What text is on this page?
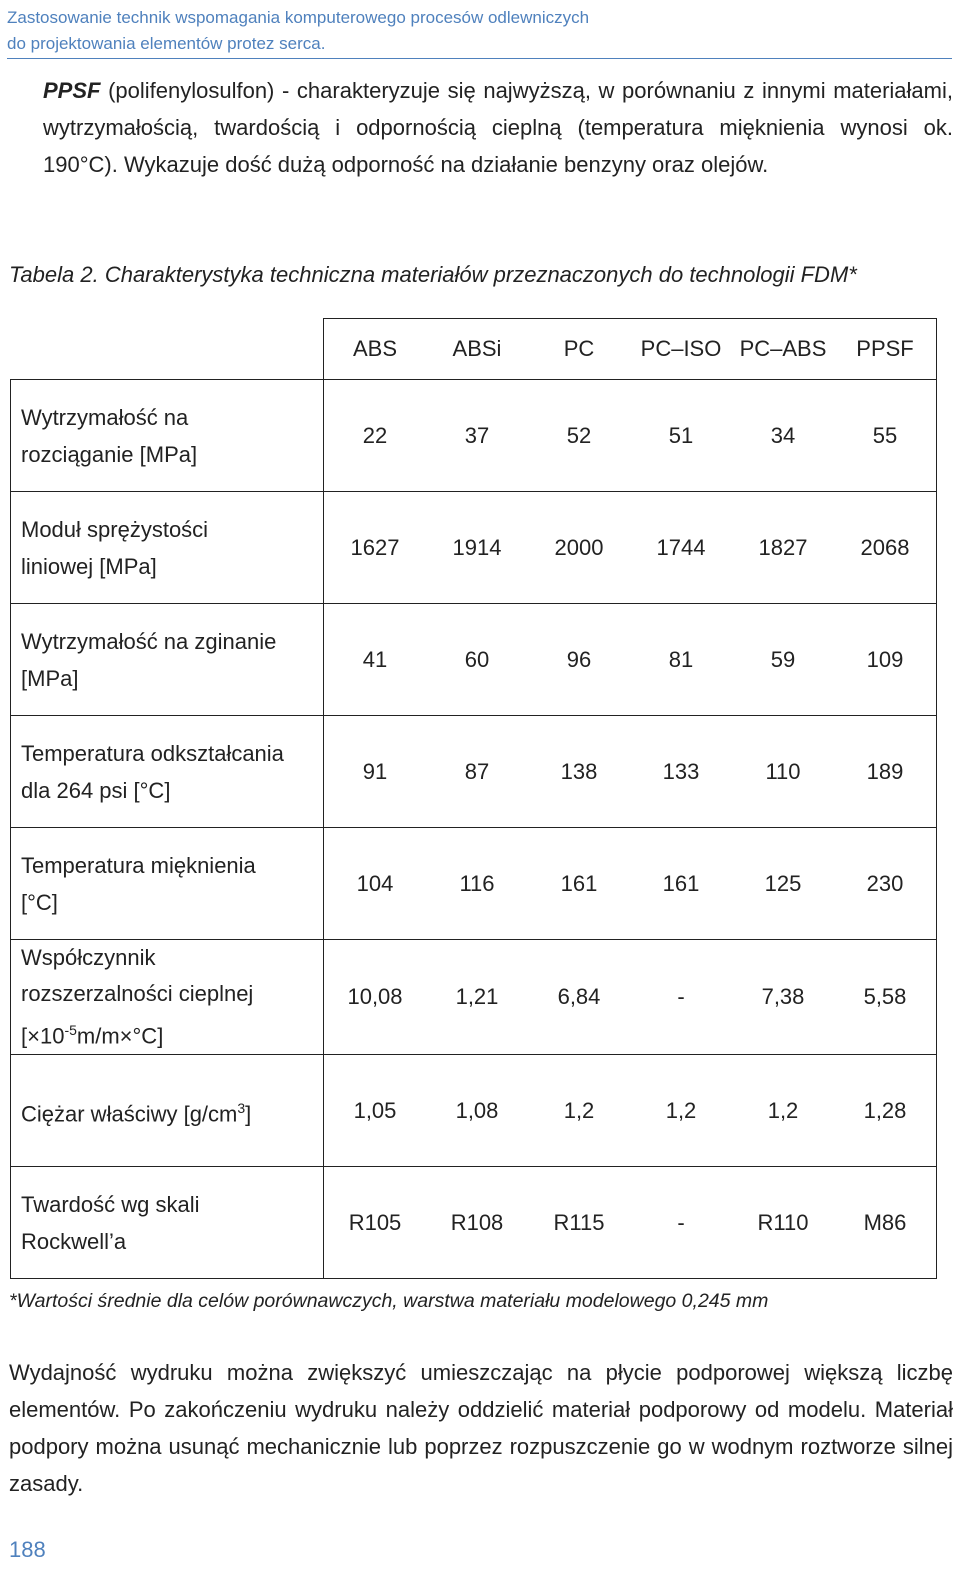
Zastosowanie technik wspomagania komputerowego procesów odlewniczych
do projektowania elementów protez serca.
PPSF (polifenylosulfon) - charakteryzuje się najwyższą, w porównaniu z innymi materiałami, wytrzymałością, twardością i odpornością cieplną (temperatura mięknienia wynosi ok. 190°C). Wykazuje dość dużą odporność na działanie benzyny oraz olejów.
Tabela 2. Charakterystyka techniczna materiałów przeznaczonych do technologii FDM*
	ABS	ABSi	PC	PC–ISO	PC–ABS	PPSF

Wytrzymałość na
rozciąganie [MPa]	22	37	52	51	34	55

Moduł sprężystości
liniowej [MPa]	1627	1914	2000	1744	1827	2068

Wytrzymałość na zginanie
[MPa]	41	60	96	81	59	109

Temperatura odkształcania
dla 264 psi [°C]	91	87	138	133	110	189

Temperatura mięknienia
[°C]	104	116	161	161	125	230

Współczynnik
rozszerzalności cieplnej
$[\times 10^{-5}m/m\times^\circ C]$	10,08	1,21	6,84	-	7,38	5,58

Ciężar właściwy $[g/cm^3]$	1,05	1,08	1,2	1,2	1,2	1,28

Twardość wg skali
Rockwell’a	R105	R108	R115	-	R110	M86
*Wartości średnie dla celów porównawczych, warstwa materiału modelowego 0,245 mm
Wydajność wydruku można zwiększyć umieszczając na płycie podporowej większą liczbę elementów. Po zakończeniu wydruku należy oddzielić materiał podporowy od modelu. Materiał podpory można usunąć mechanicznie lub poprzez rozpuszczenie go w wodnym roztworze silnej zasady.
188
